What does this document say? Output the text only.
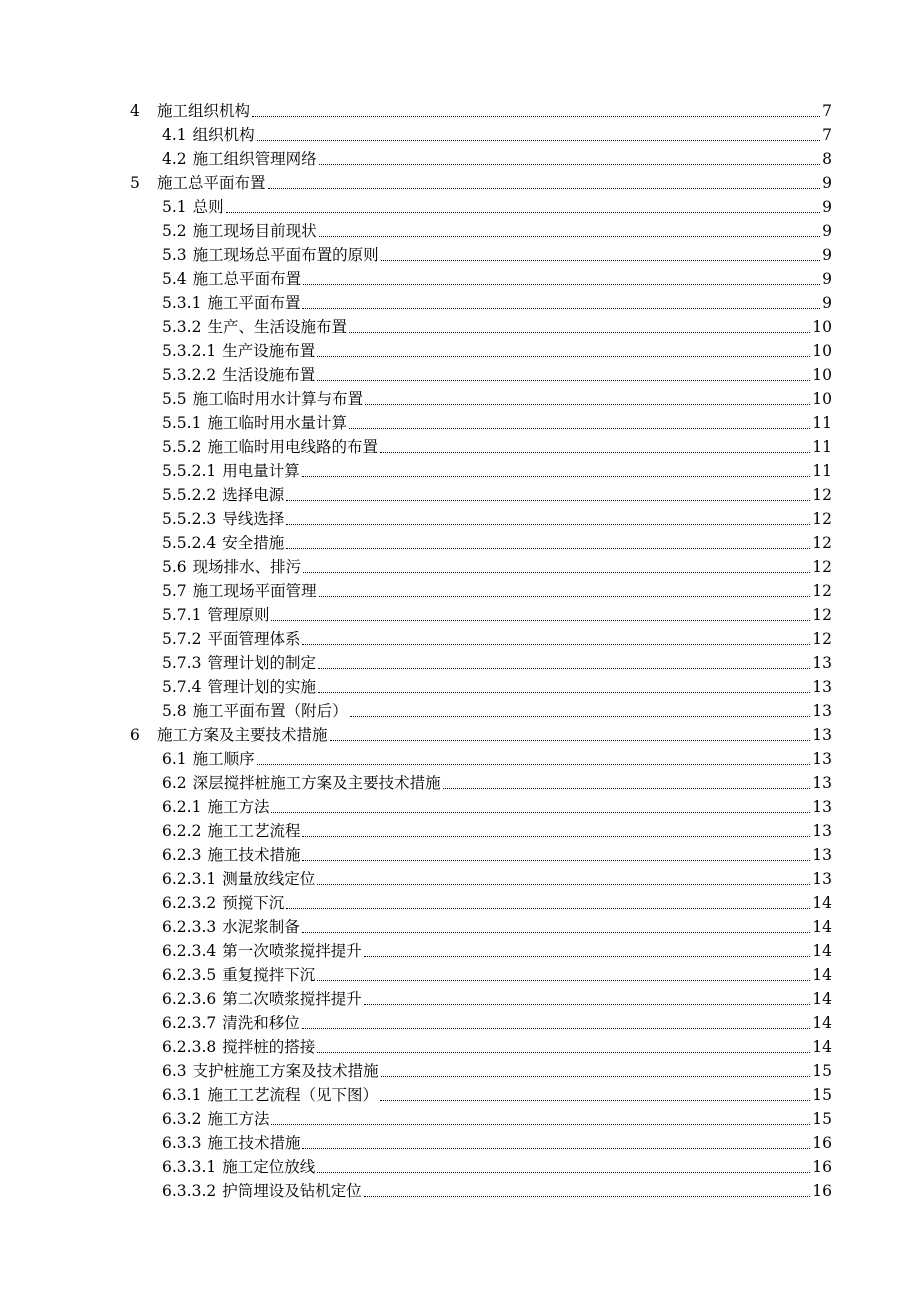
4 施工组织机构	7
4.1 组织机构	7
4.2 施工组织管理网络	8
5 施工总平面布置	9
5.1 总则	9
5.2 施工现场目前现状	9
5.3 施工现场总平面布置的原则	9
5.4 施工总平面布置	9
5.3.1 施工平面布置	9
5.3.2 生产、生活设施布置	10
5.3.2.1 生产设施布置	10
5.3.2.2 生活设施布置	10
5.5 施工临时用水计算与布置	10
5.5.1 施工临时用水量计算	11
5.5.2 施工临时用电线路的布置	11
5.5.2.1 用电量计算	11
5.5.2.2 选择电源	12
5.5.2.3 导线选择	12
5.5.2.4 安全措施	12
5.6 现场排水、排污	12
5.7 施工现场平面管理	12
5.7.1 管理原则	12
5.7.2 平面管理体系	12
5.7.3 管理计划的制定	13
5.7.4 管理计划的实施	13
5.8 施工平面布置（附后）	13
6 施工方案及主要技术措施	13
6.1 施工顺序	13
6.2 深层搅拌桩施工方案及主要技术措施	13
6.2.1 施工方法	13
6.2.2 施工工艺流程	13
6.2.3 施工技术措施	13
6.2.3.1 测量放线定位	13
6.2.3.2 预搅下沉	14
6.2.3.3 水泥浆制备	14
6.2.3.4 第一次喷浆搅拌提升	14
6.2.3.5 重复搅拌下沉	14
6.2.3.6 第二次喷浆搅拌提升	14
6.2.3.7 清洗和移位	14
6.2.3.8 搅拌桩的搭接	14
6.3 支护桩施工方案及技术措施	15
6.3.1 施工工艺流程（见下图）	15
6.3.2 施工方法	15
6.3.3 施工技术措施	16
6.3.3.1 施工定位放线	16
6.3.3.2 护筒埋设及钻机定位	16
